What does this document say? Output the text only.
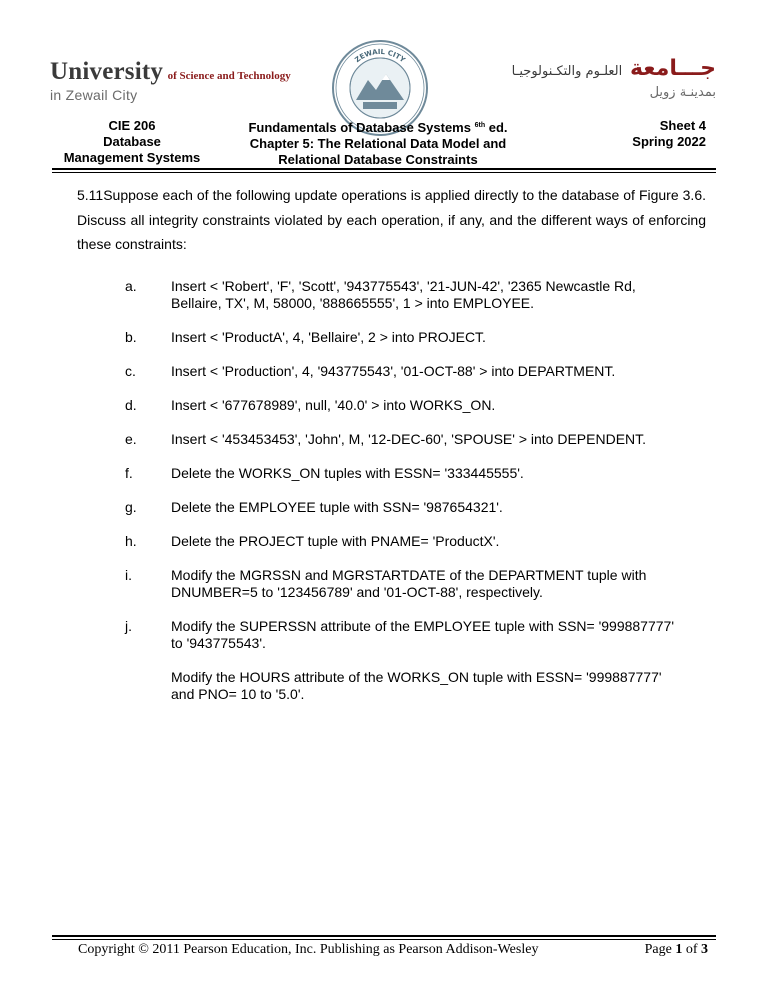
University of Science and Technology
in Zewail City
ZEWAIL CITY	جـــامعة العلـوم والتكـنولوجيـا
بمدينـة زويل
CIE 206
Database
Management Systems
Fundamentals of Database Systems $^{6th}$ ed.
Chapter 5: The Relational Data Model and
Relational Database Constraints
Sheet 4
Spring 2022
5.11Suppose each of the following update operations is applied directly to the database of Figure 3.6. Discuss all integrity constraints violated by each operation, if any, and the different ways of enforcing these constraints:
a.	Insert < 'Robert', 'F', 'Scott', '943775543', '21-JUN-42', '2365 Newcastle Rd, Bellaire, TX', M, 58000, '888665555', 1 > into EMPLOYEE.
b.	Insert < 'ProductA', 4, 'Bellaire', 2 > into PROJECT.
c.	Insert < 'Production', 4, '943775543', '01-OCT-88' > into DEPARTMENT.
d.	Insert < '677678989', null, '40.0' > into WORKS_ON.
e.	Insert < '453453453', 'John', M, '12-DEC-60', 'SPOUSE' > into DEPENDENT.
f.	Delete the WORKS_ON tuples with ESSN= '333445555'.
g.	Delete the EMPLOYEE tuple with SSN= '987654321'.
h.	Delete the PROJECT tuple with PNAME= 'ProductX'.
i.	Modify the MGRSSN and MGRSTARTDATE of the DEPARTMENT tuple with DNUMBER=5 to '123456789' and '01-OCT-88', respectively.
j.	Modify the SUPERSSN attribute of the EMPLOYEE tuple with SSN= '999887777' to '943775543'.
Modify the HOURS attribute of the WORKS_ON tuple with ESSN= '999887777' and PNO= 10 to '5.0'.
Copyright © 2011 Pearson Education, Inc. Publishing as Pearson Addison-Wesley	Page 1 of 3
